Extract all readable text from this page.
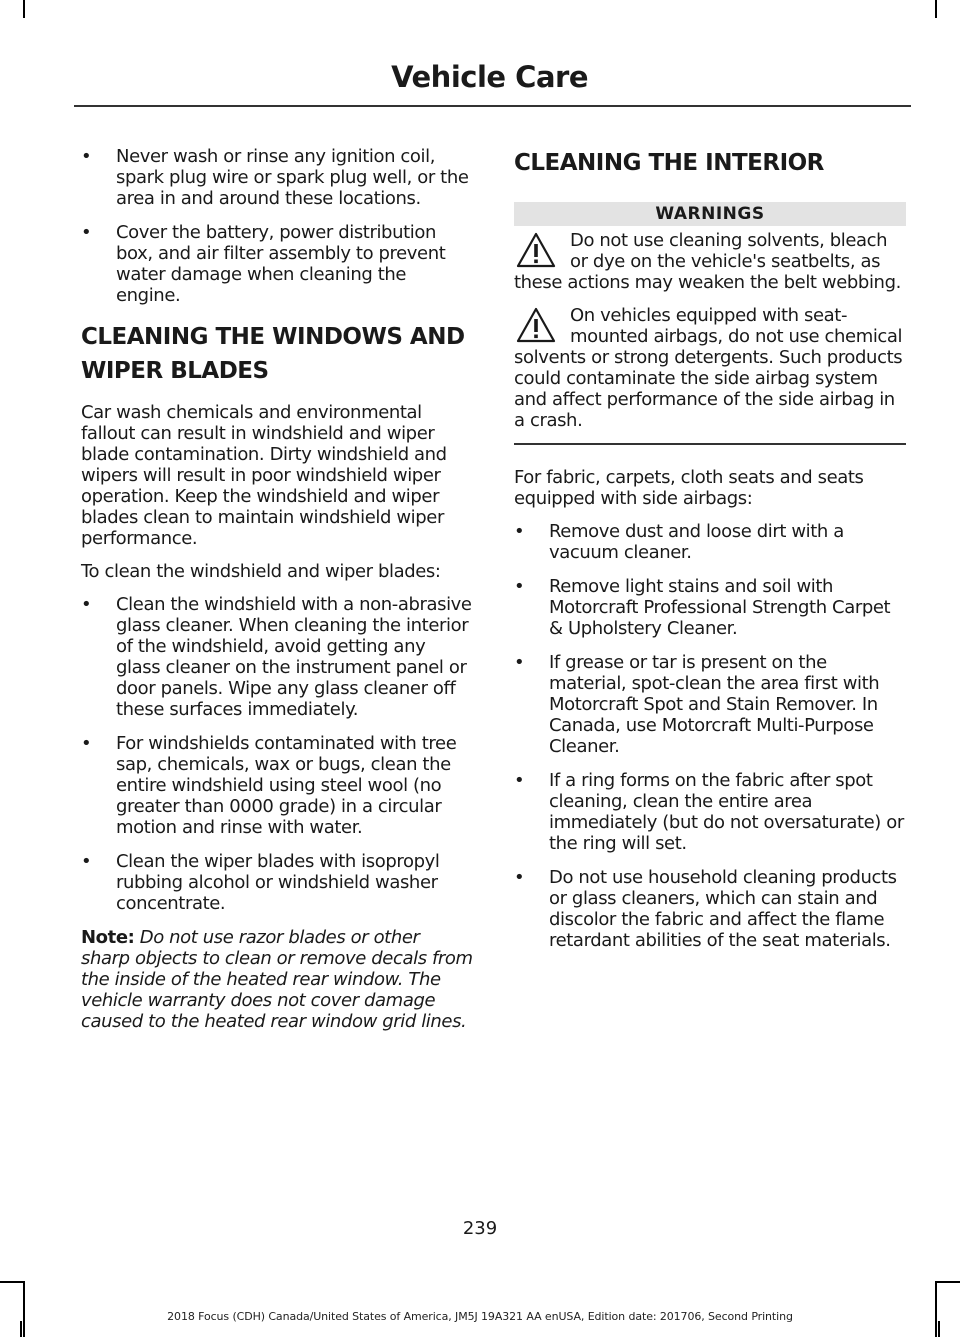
Vehicle Care
• Never wash or rinse any ignition coil, spark plug wire or spark plug well, or the area in and around these locations.
• Cover the battery, power distribution box, and air filter assembly to prevent water damage when cleaning the engine.
CLEANING THE WINDOWS AND
WIPER BLADES

Car wash chemicals and environmental fallout can result in windshield and wiper blade contamination. Dirty windshield and wipers will result in poor windshield wiper operation. Keep the windshield and wiper blades clean to maintain windshield wiper performance.

To clean the windshield and wiper blades:

• Clean the windshield with a non-abrasive glass cleaner. When cleaning the interior of the windshield, avoid getting any glass cleaner on the instrument panel or door panels. Wipe any glass cleaner off these surfaces immediately.
• For windshields contaminated with tree sap, chemicals, wax or bugs, clean the entire windshield using steel wool (no greater than 0000 grade) in a circular motion and rinse with water.
• Clean the wiper blades with isopropyl rubbing alcohol or windshield washer concentrate.

Note: Do not use razor blades or other sharp objects to clean or remove decals from the inside of the heated rear window. The vehicle warranty does not cover damage caused to the heated rear window grid lines.

CLEANING THE INTERIOR
WARNINGS
Do not use cleaning solvents, bleach or dye on the vehicle's seatbelts, as these actions may weaken the belt webbing.
On vehicles equipped with seat-mounted airbags, do not use chemical solvents or strong detergents. Such products could contaminate the side airbag system and affect performance of the side airbag in a crash.

For fabric, carpets, cloth seats and seats equipped with side airbags:

• Remove dust and loose dirt with a vacuum cleaner.
• Remove light stains and soil with Motorcraft Professional Strength Carpet & Upholstery Cleaner.
• If grease or tar is present on the material, spot-clean the area first with Motorcraft Spot and Stain Remover. In Canada, use Motorcraft Multi-Purpose Cleaner.
• If a ring forms on the fabric after spot cleaning, clean the entire area immediately (but do not oversaturate) or the ring will set.
• Do not use household cleaning products or glass cleaners, which can stain and discolor the fabric and affect the flame retardant abilities of the seat materials.
239
2018 Focus (CDH) Canada/United States of America, JM5J 19A321 AA enUSA, Edition date: 201706, Second Printing
